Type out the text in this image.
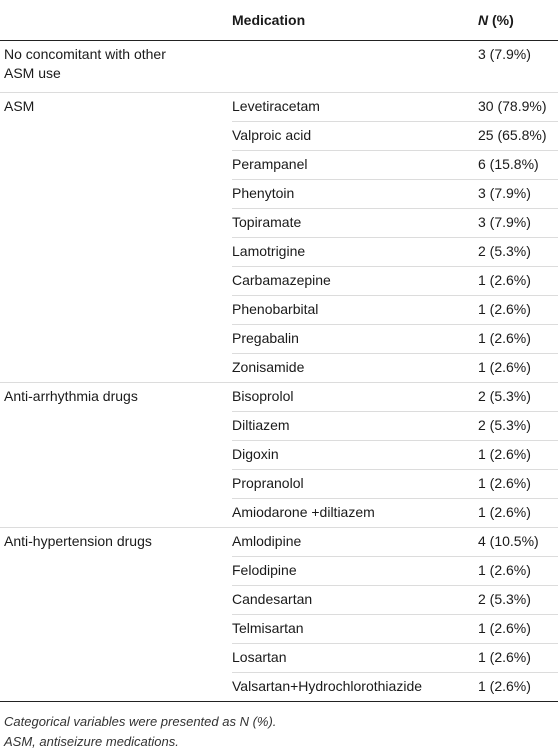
	Medication	N (%)
No concomitant with other ASM use		3 (7.9%)
ASM	Levetiracetam	30 (78.9%)
	Valproic acid	25 (65.8%)
	Perampanel	6 (15.8%)
	Phenytoin	3 (7.9%)
	Topiramate	3 (7.9%)
	Lamotrigine	2 (5.3%)
	Carbamazepine	1 (2.6%)
	Phenobarbital	1 (2.6%)
	Pregabalin	1 (2.6%)
	Zonisamide	1 (2.6%)
Anti-arrhythmia drugs	Bisoprolol	2 (5.3%)
	Diltiazem	2 (5.3%)
	Digoxin	1 (2.6%)
	Propranolol	1 (2.6%)
	Amiodarone +diltiazem	1 (2.6%)
Anti-hypertension drugs	Amlodipine	4 (10.5%)
	Felodipine	1 (2.6%)
	Candesartan	2 (5.3%)
	Telmisartan	1 (2.6%)
	Losartan	1 (2.6%)
	Valsartan+Hydrochlorothiazide	1 (2.6%)
Categorical variables were presented as N (%).
ASM, antiseizure medications.
